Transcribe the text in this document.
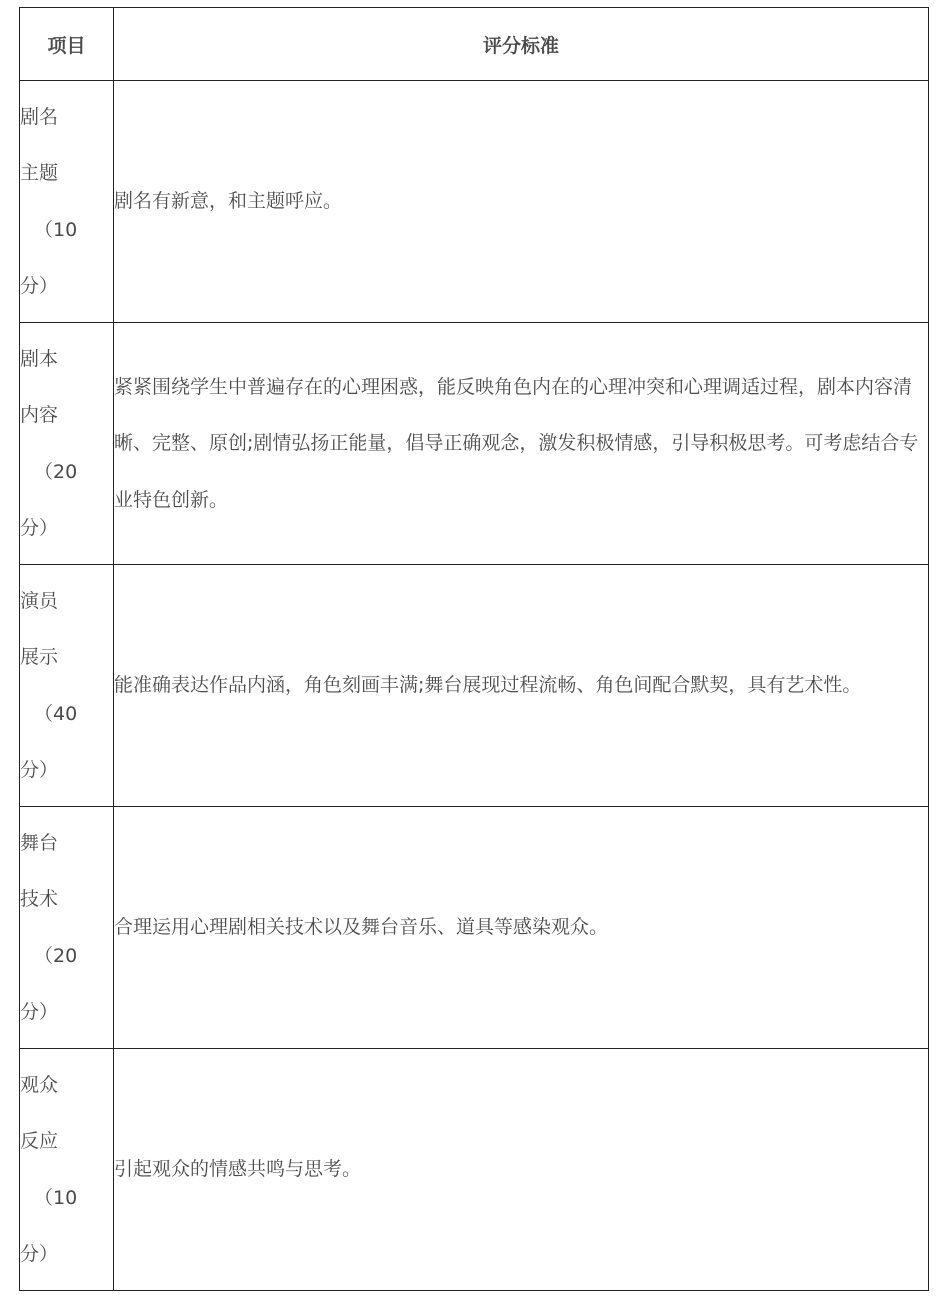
项目	评分标准

剧名
主题
（10
分）	剧名有新意，和主题呼应。

剧本
内容
（20
分）	紧紧围绕学生中普遍存在的心理困惑，能反映角色内在的心理冲突和心理调适过程，剧本内容清晰、完整、原创;剧情弘扬正能量，倡导正确观念，激发积极情感，引导积极思考。可考虑结合专业特色创新。

演员
展示
（40
分）	能准确表达作品内涵，角色刻画丰满;舞台展现过程流畅、角色间配合默契，具有艺术性。

舞台
技术
（20
分）	合理运用心理剧相关技术以及舞台音乐、道具等感染观众。

观众
反应
（10
分）	引起观众的情感共鸣与思考。
